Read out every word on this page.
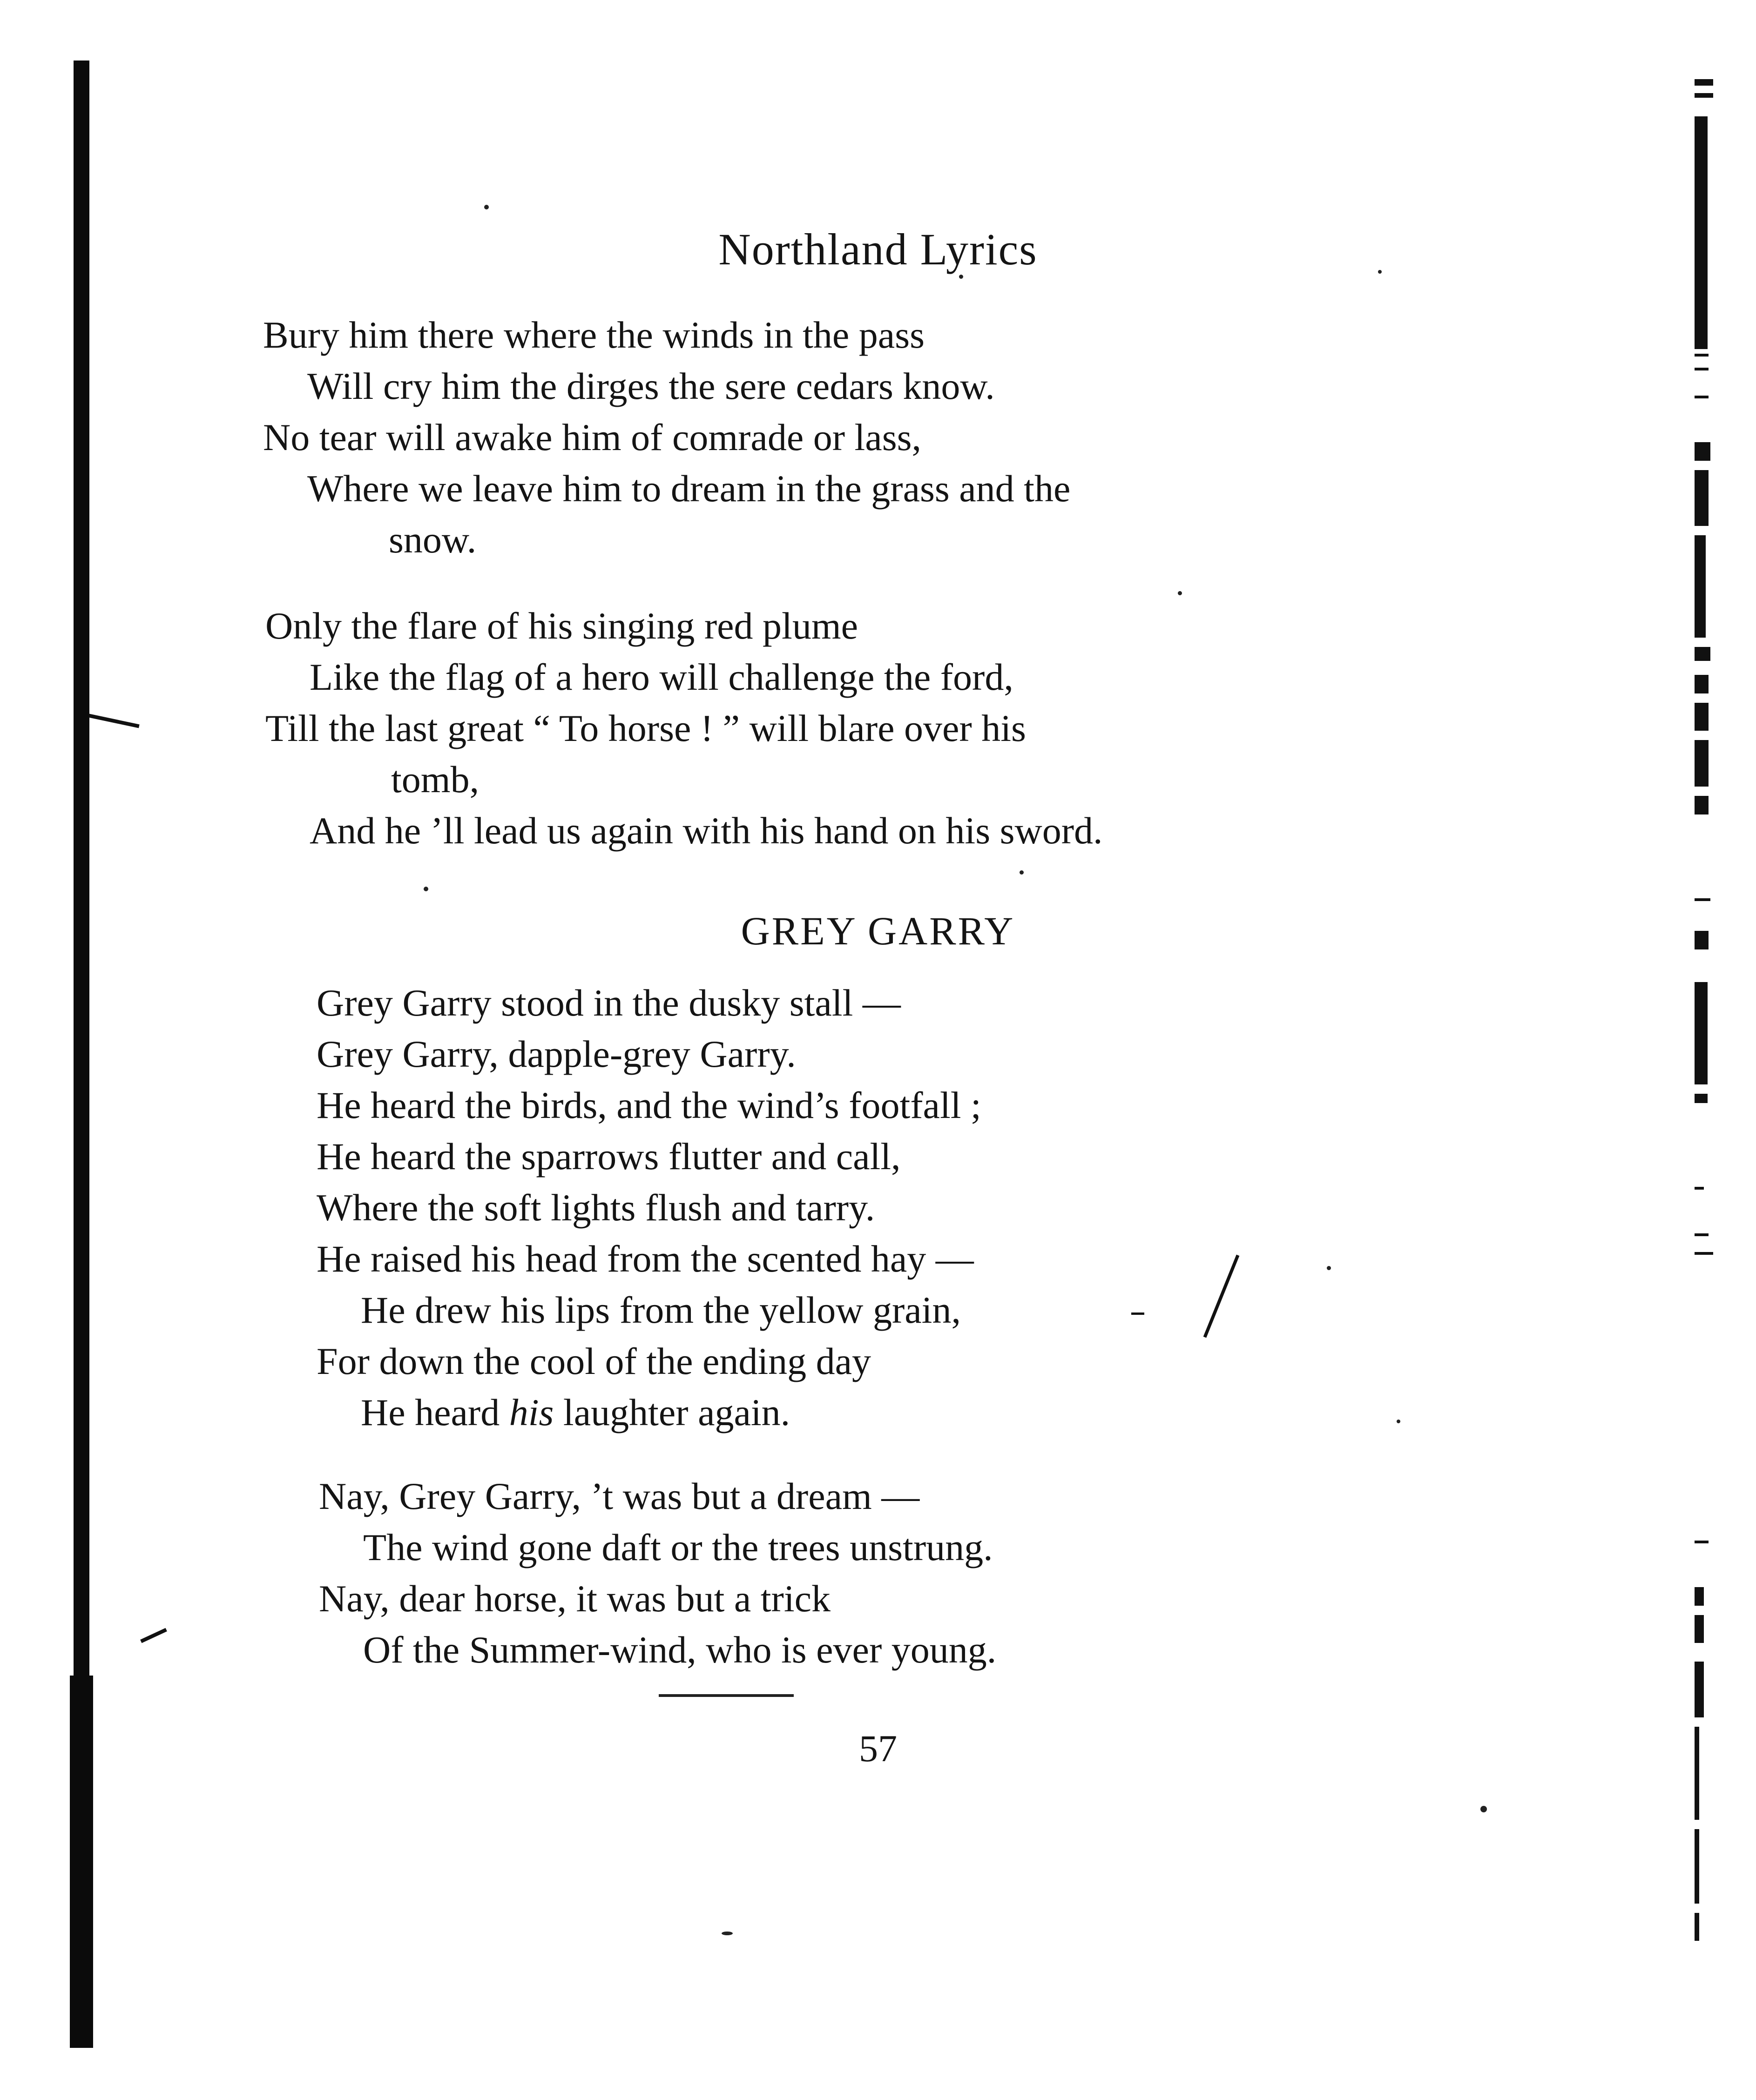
Northland Lyrics
Bury him there where the winds in the pass
Will cry him the dirges the sere cedars know.
No tear will awake him of comrade or lass,
Where we leave him to dream in the grass and the
snow.
Only the flare of his singing red plume
Like the flag of a hero will challenge the ford,
Till the last great “ To horse ! ” will blare over his
tomb,
And he ’ll lead us again with his hand on his sword.
GREY GARRY
Grey Garry stood in the dusky stall —
Grey Garry, dapple-grey Garry.
He heard the birds, and the wind’s footfall ;
He heard the sparrows flutter and call,
Where the soft lights flush and tarry.
He raised his head from the scented hay —
He drew his lips from the yellow grain,
For down the cool of the ending day
He heard his laughter again.
Nay, Grey Garry, ’t was but a dream —
The wind gone daft or the trees unstrung.
Nay, dear horse, it was but a trick
Of the Summer-wind, who is ever young.
57
